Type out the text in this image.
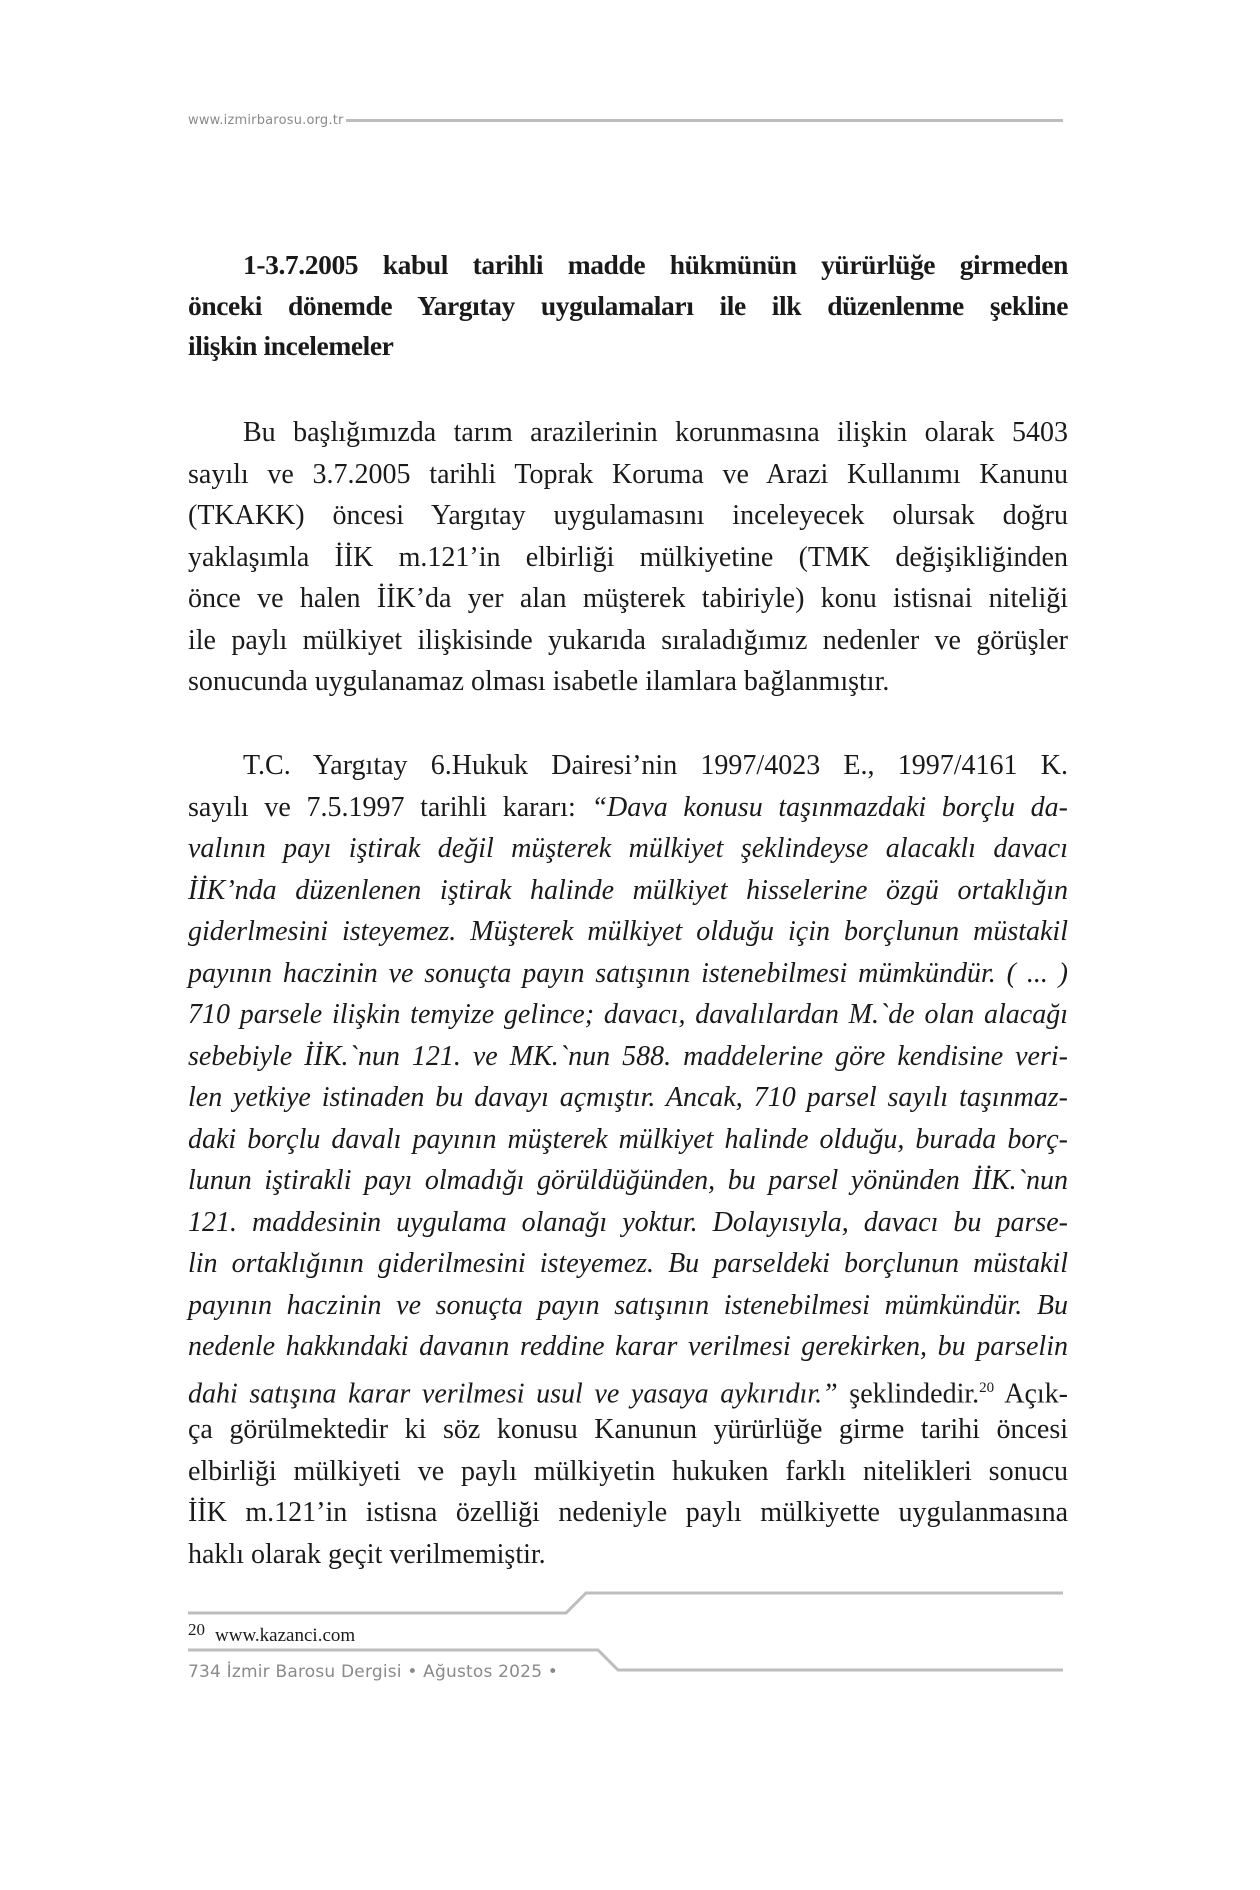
www.izmirbarosu.org.tr
1-3.7.2005 kabul tarihli madde hükmünün yürürlüğe girmeden
önceki dönemde Yargıtay uygulamaları ile ilk düzenlenme şekline
ilişkin incelemeler
Bu başlığımızda tarım arazilerinin korunmasına ilişkin olarak 5403
sayılı ve 3.7.2005 tarihli Toprak Koruma ve Arazi Kullanımı Kanunu
(TKAKK) öncesi Yargıtay uygulamasını inceleyecek olursak doğru
yaklaşımla İİK m.121’in elbirliği mülkiyetine (TMK değişikliğinden
önce ve halen İİK’da yer alan müşterek tabiriyle) konu istisnai niteliği
ile paylı mülkiyet ilişkisinde yukarıda sıraladığımız nedenler ve görüşler
sonucunda uygulanamaz olması isabetle ilamlara bağlanmıştır.
T.C. Yargıtay 6.Hukuk Dairesi’nin 1997/4023 E., 1997/4161 K.
sayılı ve 7.5.1997 tarihli kararı: “Dava konusu taşınmazdaki borçlu da-
valının payı iştirak değil müşterek mülkiyet şeklindeyse alacaklı davacı
İİK’nda düzenlenen iştirak halinde mülkiyet hisselerine özgü ortaklığın
giderlmesini isteyemez. Müşterek mülkiyet olduğu için borçlunun müstakil
payının haczinin ve sonuçta payın satışının istenebilmesi mümkündür. ( ... )
710 parsele ilişkin temyize gelince; davacı, davalılardan M.`de olan alacağı
sebebiyle İİK.`nun 121. ve MK.`nun 588. maddelerine göre kendisine veri-
len yetkiye istinaden bu davayı açmıştır. Ancak, 710 parsel sayılı taşınmaz-
daki borçlu davalı payının müşterek mülkiyet halinde olduğu, burada borç-
lunun iştirakli payı olmadığı görüldüğünden, bu parsel yönünden İİK.`nun
121. maddesinin uygulama olanağı yoktur. Dolayısıyla, davacı bu parse-
lin ortaklığının giderilmesini isteyemez. Bu parseldeki borçlunun müstakil
payının haczinin ve sonuçta payın satışının istenebilmesi mümkündür. Bu
nedenle hakkındaki davanın reddine karar verilmesi gerekirken, bu parselin
dahi satışına karar verilmesi usul ve yasaya aykırıdır.” şeklindedir.$^{20}$ Açık-
ça görülmektedir ki söz konusu Kanunun yürürlüğe girme tarihi öncesi
elbirliği mülkiyeti ve paylı mülkiyetin hukuken farklı nitelikleri sonucu
İİK m.121’in istisna özelliği nedeniyle paylı mülkiyette uygulanmasına
haklı olarak geçit verilmemiştir.
20 www.kazanci.com
734 İzmir Barosu Dergisi • Ağustos 2025 •
